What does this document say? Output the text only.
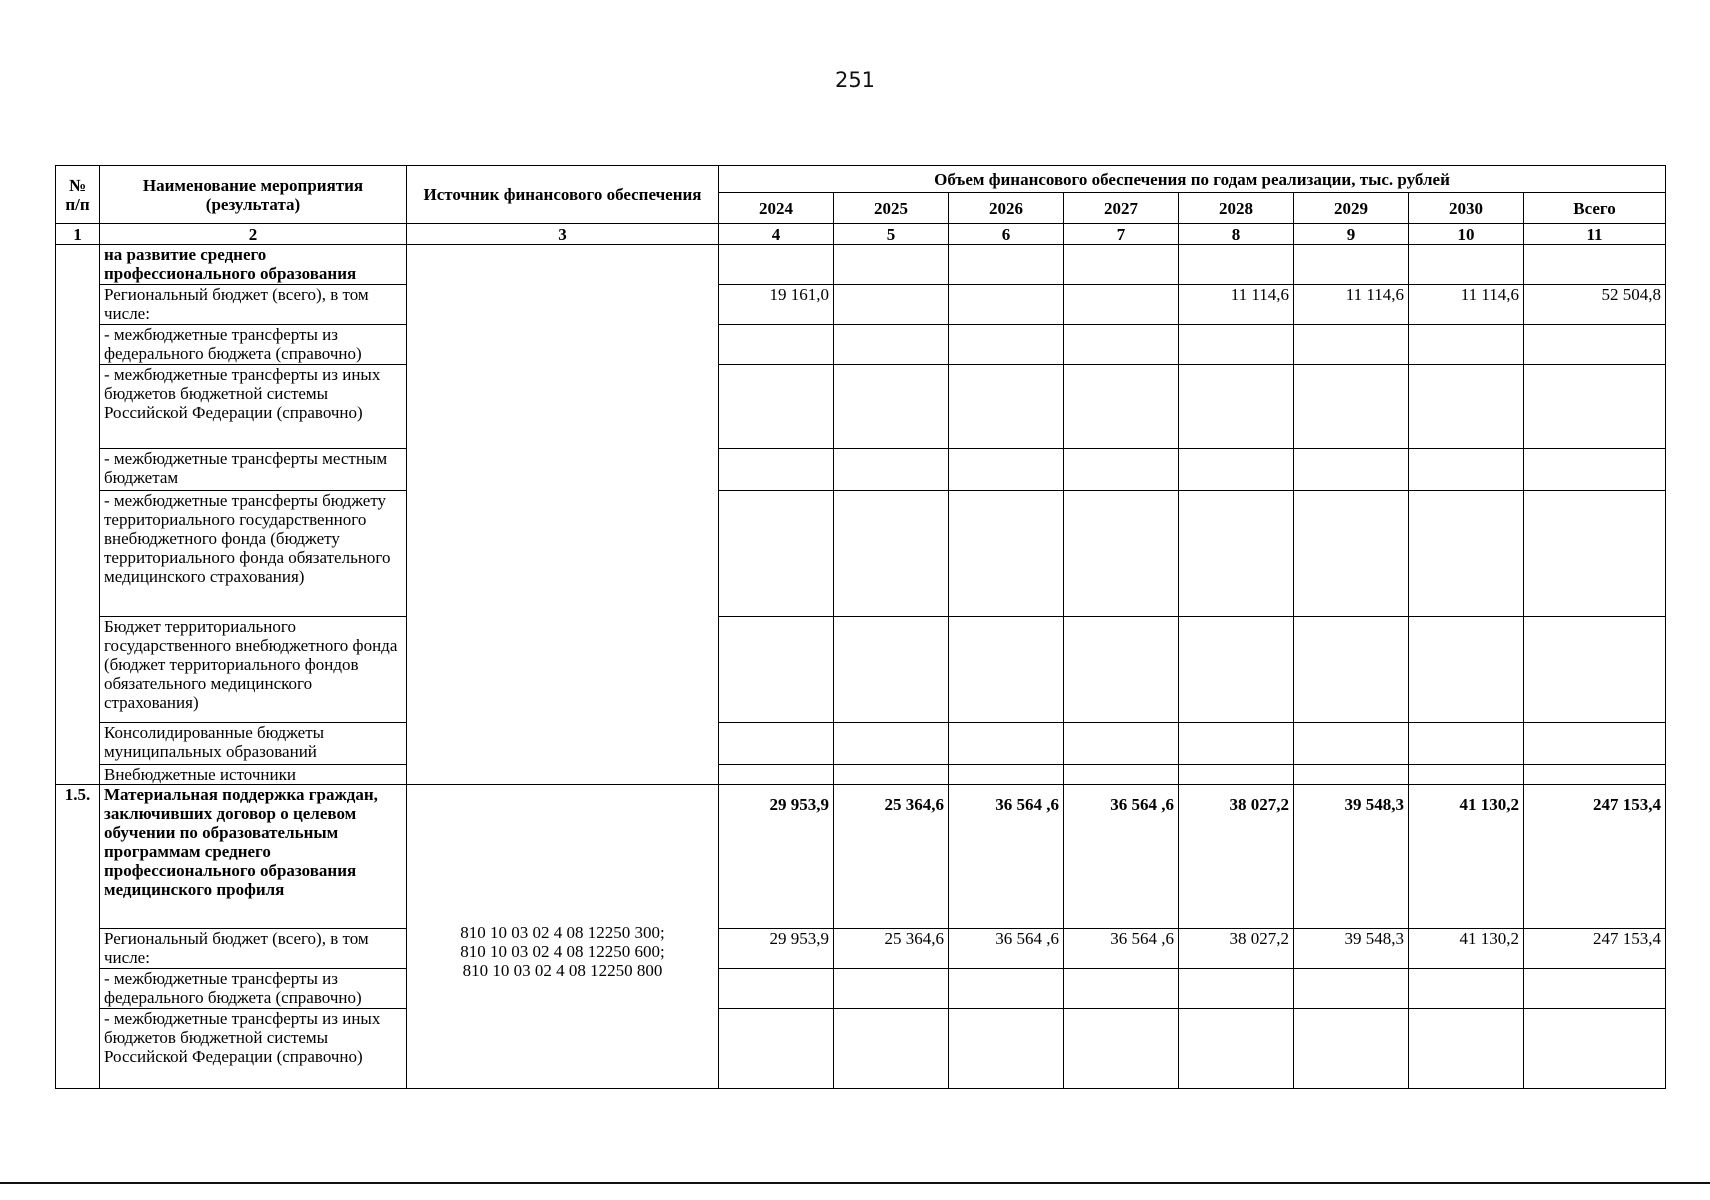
251
№ п/п	Наименование мероприятия (результата)	Источник финансового обеспечения	Объем финансового обеспечения по годам реализации, тыс. рублей							
			2024	2025	2026	2027	2028	2029	2030	Всего
1	2	3	4	5	6	7	8	9	10	11
	на развитие среднего профессионального образования									
	Региональный бюджет (всего), в том числе:		19 161,0				11 114,6	11 114,6	11 114,6	52 504,8
	- межбюджетные трансферты из федерального бюджета (справочно)									
	- межбюджетные трансферты из иных бюджетов бюджетной системы Российской Федерации (справочно)									
	- межбюджетные трансферты местным бюджетам									
	- межбюджетные трансферты бюджету территориального государственного внебюджетного фонда (бюджету территориального фонда обязательного медицинского страхования)									
	Бюджет территориального государственного внебюджетного фонда (бюджет территориального фондов обязательного медицинского страхования)									
	Консолидированные бюджеты муниципальных образований									
	Внебюджетные источники									
1.5.	Материальная поддержка граждан, заключивших договор о целевом обучении по образовательным программам среднего профессионального образования медицинского профиля	810 10 03 02 4 08 12250 300;
810 10 03 02 4 08 12250 600;
810 10 03 02 4 08 12250 800	29 953,9	25 364,6	36 564 ,6	36 564 ,6	38 027,2	39 548,3	41 130,2	247 153,4
	Региональный бюджет (всего), в том числе:		29 953,9	25 364,6	36 564 ,6	36 564 ,6	38 027,2	39 548,3	41 130,2	247 153,4
	- межбюджетные трансферты из федерального бюджета (справочно)									
	- межбюджетные трансферты из иных бюджетов бюджетной системы Российской Федерации (справочно)									
